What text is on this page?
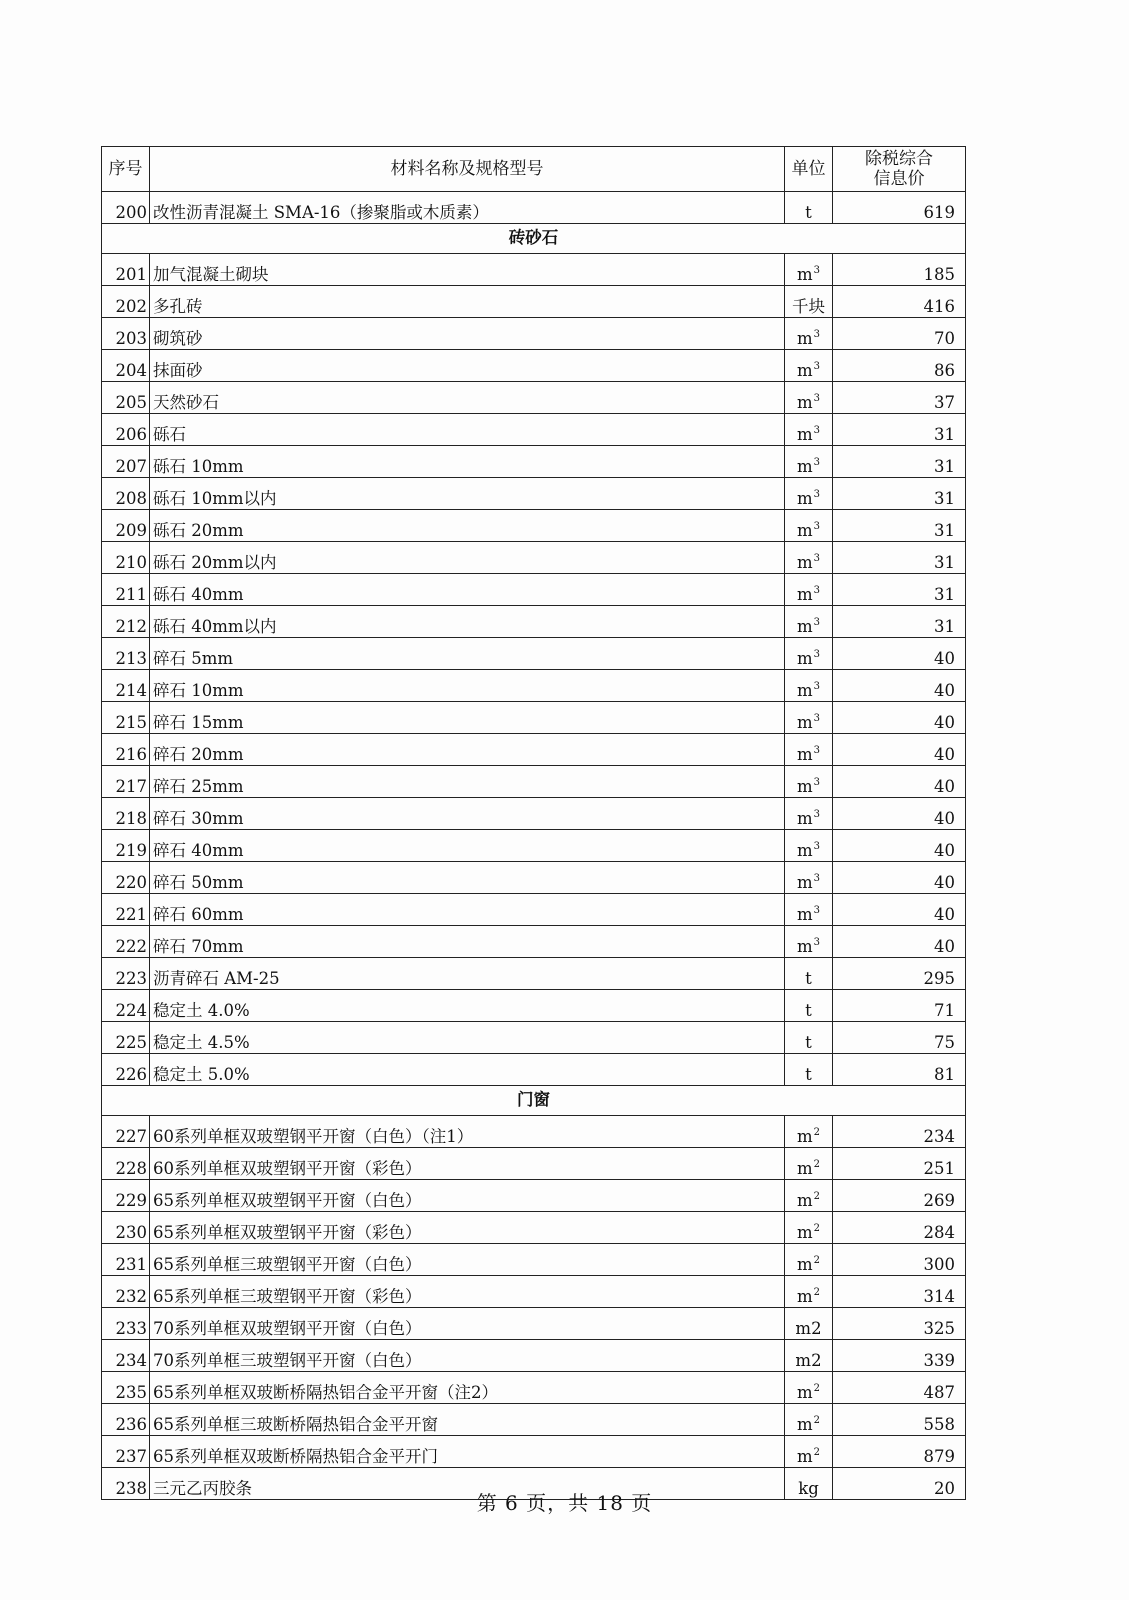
序号	材料名称及规格型号	单位	除税综合
信息价
200	改性沥青混凝土 SMA-16（掺聚脂或木质素）	t	619
砖砂石			
201	加气混凝土砌块	$m^3$	185
202	多孔砖	千块	416
203	砌筑砂	$m^3$	70
204	抹面砂	$m^3$	86
205	天然砂石	$m^3$	37
206	砾石	$m^3$	31
207	砾石 10mm	$m^3$	31
208	砾石 10mm以内	$m^3$	31
209	砾石 20mm	$m^3$	31
210	砾石 20mm以内	$m^3$	31
211	砾石 40mm	$m^3$	31
212	砾石 40mm以内	$m^3$	31
213	碎石 5mm	$m^3$	40
214	碎石 10mm	$m^3$	40
215	碎石 15mm	$m^3$	40
216	碎石 20mm	$m^3$	40
217	碎石 25mm	$m^3$	40
218	碎石 30mm	$m^3$	40
219	碎石 40mm	$m^3$	40
220	碎石 50mm	$m^3$	40
221	碎石 60mm	$m^3$	40
222	碎石 70mm	$m^3$	40
223	沥青碎石 AM-25	t	295
224	稳定土 4.0%	t	71
225	稳定土 4.5%	t	75
226	稳定土 5.0%	t	81
门窗			
227	60系列单框双玻塑钢平开窗（白色）（注1）	$m^2$	234
228	60系列单框双玻塑钢平开窗（彩色）	$m^2$	251
229	65系列单框双玻塑钢平开窗（白色）	$m^2$	269
230	65系列单框双玻塑钢平开窗（彩色）	$m^2$	284
231	65系列单框三玻塑钢平开窗（白色）	$m^2$	300
232	65系列单框三玻塑钢平开窗（彩色）	$m^2$	314
233	70系列单框双玻塑钢平开窗（白色）	m2	325
234	70系列单框三玻塑钢平开窗（白色）	m2	339
235	65系列单框双玻断桥隔热铝合金平开窗（注2）	$m^2$	487
236	65系列单框三玻断桥隔热铝合金平开窗	$m^2$	558
237	65系列单框双玻断桥隔热铝合金平开门	$m^2$	879
238	三元乙丙胶条	kg	20
第 6 页，共 18 页
